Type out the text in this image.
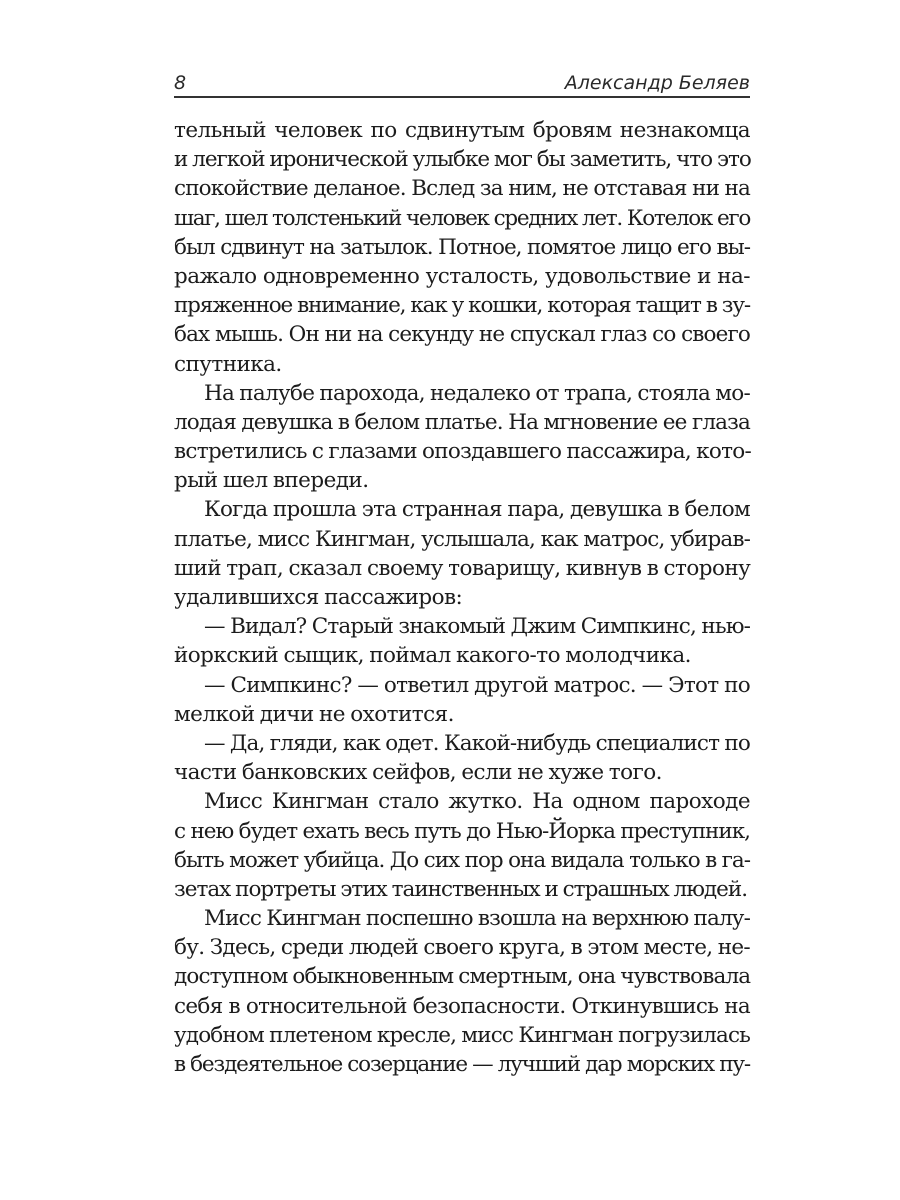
8	Александр Беляев
тельный человек по сдвинутым бровям незнакомца
и легкой иронической улыбке мог бы заметить, что это
спокойствие деланое. Вслед за ним, не отставая ни на
шаг, шел толстенький человек средних лет. Котелок его
был сдвинут на затылок. Потное, помятое лицо его вы-
ражало одновременно усталость, удовольствие и на-
пряженное внимание, как у кошки, которая тащит в зу-
бах мышь. Он ни на секунду не спускал глаз со своего
спутника.
На палубе парохода, недалеко от трапа, стояла мо-
лодая девушка в белом платье. На мгновение ее глаза
встретились с глазами опоздавшего пассажира, кото-
рый шел впереди.
Когда прошла эта странная пара, девушка в белом
платье, мисс Кингман, услышала, как матрос, убирав-
ший трап, сказал своему товарищу, кивнув в сторону
удалившихся пассажиров:
— Видал? Старый знакомый Джим Симпкинс, нью-
йоркский сыщик, поймал какого-то молодчика.
— Симпкинс? — ответил другой матрос. — Этот по
мелкой дичи не охотится.
— Да, гляди, как одет. Какой-нибудь специалист по
части банковских сейфов, если не хуже того.
Мисс Кингман стало жутко. На одном пароходе
с нею будет ехать весь путь до Нью-Йорка преступник,
быть может убийца. До сих пор она видала только в га-
зетах портреты этих таинственных и страшных людей.
Мисс Кингман поспешно взошла на верхнюю палу-
бу. Здесь, среди людей своего круга, в этом месте, не-
доступном обыкновенным смертным, она чувствовала
себя в относительной безопасности. Откинувшись на
удобном плетеном кресле, мисс Кингман погрузилась
в бездеятельное созерцание — лучший дар морских пу-
